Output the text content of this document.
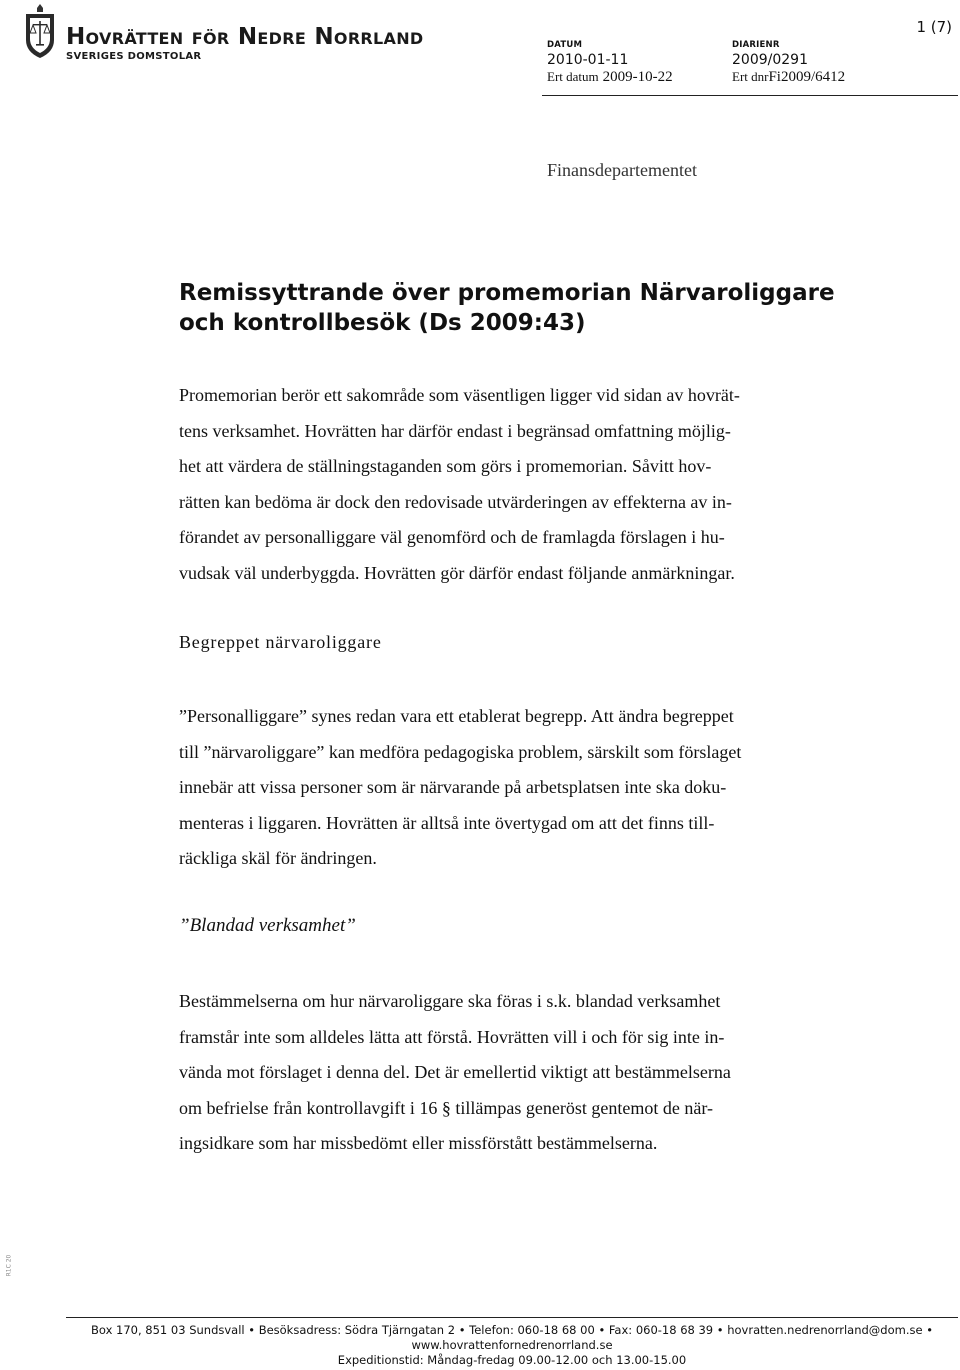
Hovrätten för Nedre Norrland
SVERIGES DOMSTOLAR
DATUM
2010-01-11
DIARIENR
2009/0291
Ert datum 2009-10-22	Ert dnrFi2009/6412
1 (7)
Finansdepartementet
Remissyttrande över promemorian Närvaroliggare
och kontrollbesök (Ds 2009:43)
Promemorian berör ett sakområde som väsentligen ligger vid sidan av hovrät-
tens verksamhet. Hovrätten har därför endast i begränsad omfattning möjlig-
het att värdera de ställningstaganden som görs i promemorian. Såvitt hov-
rätten kan bedöma är dock den redovisade utvärderingen av effekterna av in-
förandet av personalliggare väl genomförd och de framlagda förslagen i hu-
vudsak väl underbyggda. Hovrätten gör därför endast följande anmärkningar.
Begreppet närvaroliggare
”Personalliggare” synes redan vara ett etablerat begrepp. Att ändra begreppet
till ”närvaroliggare” kan medföra pedagogiska problem, särskilt som förslaget
innebär att vissa personer som är närvarande på arbetsplatsen inte ska doku-
menteras i liggaren. Hovrätten är alltså inte övertygad om att det finns till-
räckliga skäl för ändringen.
”Blandad verksamhet”
Bestämmelserna om hur närvaroliggare ska föras i s.k. blandad verksamhet
framstår inte som alldeles lätta att förstå. Hovrätten vill i och för sig inte in-
vända mot förslaget i denna del. Det är emellertid viktigt att bestämmelserna
om befrielse från kontrollavgift i 16 § tillämpas generöst gentemot de när-
ingsidkare som har missbedömt eller missförstått bestämmelserna.
R1C 20
Box 170, 851 03 Sundsvall • Besöksadress: Södra Tjärngatan 2 • Telefon: 060-18 68 00 • Fax: 060-18 68 39 • hovratten.nedrenorrland@dom.se •
www.hovrattenfornedrenorrland.se
Expeditionstid: Måndag-fredag 09.00-12.00 och 13.00-15.00
